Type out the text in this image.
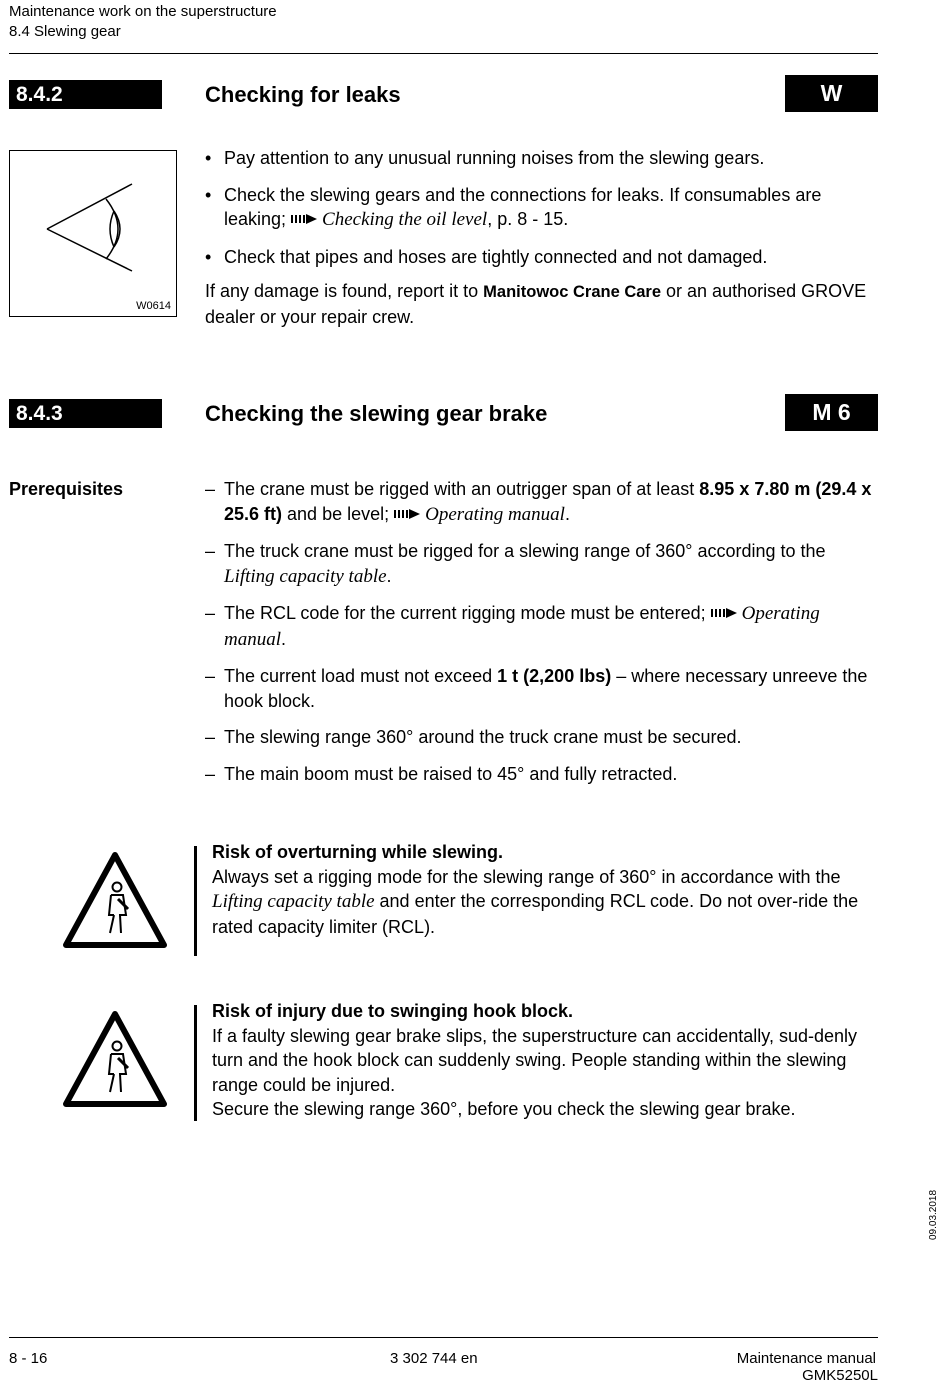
Maintenance work on the superstructure
8.4 Slewing gear
8.4.2	Checking for leaks	W
W0614
• Pay attention to any unusual running noises from the slewing gears.
• Check the slewing gears and the connections for leaks. If consumables are leaking; Checking the oil level, p. 8 - 15.
• Check that pipes and hoses are tightly connected and not damaged.
If any damage is found, report it to Manitowoc Crane Care or an authorised GROVE dealer or your repair crew.
8.4.3	Checking the slewing gear brake	M 6
Prerequisites	– The crane must be rigged with an outrigger span of at least 8.95 x 7.80 m (29.4 x 25.6 ft) and be level; Operating manual.
– The truck crane must be rigged for a slewing range of 360° according to the Lifting capacity table.
– The RCL code for the current rigging mode must be entered; Operating manual.
– The current load must not exceed 1 t (2,200 lbs) – where necessary unreeve the hook block.
– The slewing range 360° around the truck crane must be secured.
– The main boom must be raised to 45° and fully retracted.
Risk of overturning while slewing.
Always set a rigging mode for the slewing range of 360° in accordance with the Lifting capacity table and enter the corresponding RCL code. Do not over-ride the rated capacity limiter (RCL).
Risk of injury due to swinging hook block.
If a faulty slewing gear brake slips, the superstructure can accidentally, sud-denly turn and the hook block can suddenly swing. People standing within the slewing range could be injured.
Secure the slewing range 360°, before you check the slewing gear brake.
09.03.2018
8 - 16	3 302 744 en	Maintenance manual
GMK5250L
